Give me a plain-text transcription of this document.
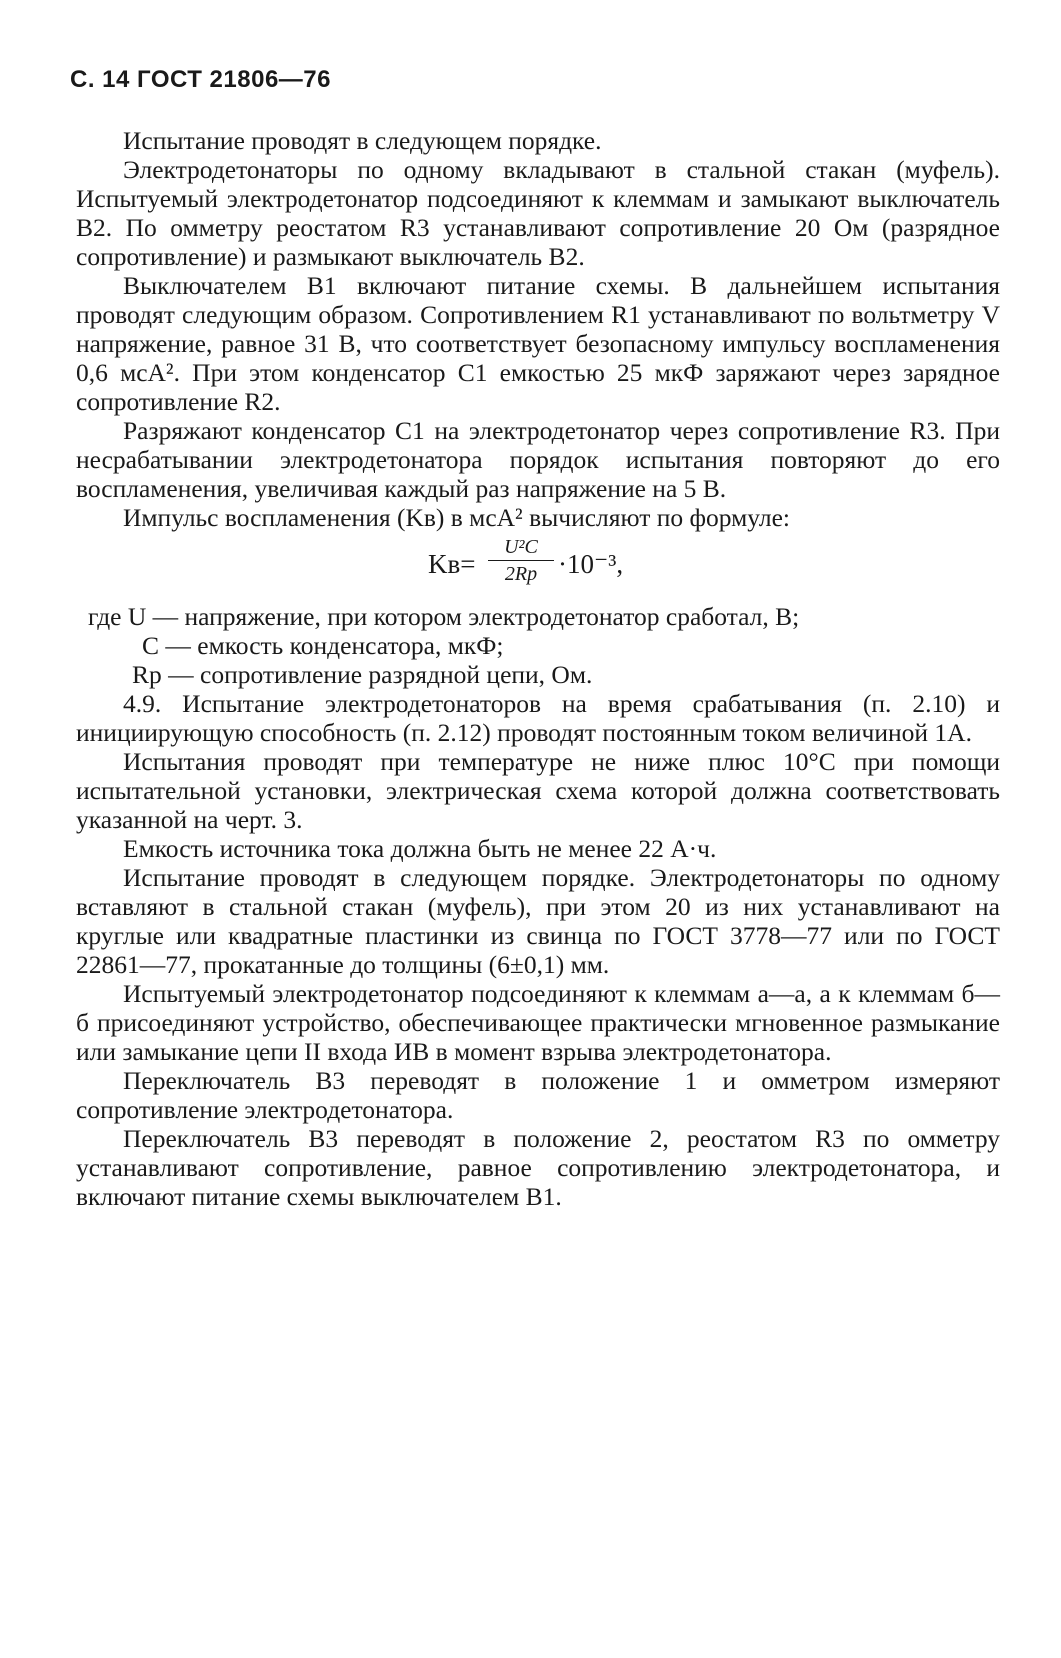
С. 14 ГОСТ 21806—76

Испытание проводят в следующем порядке.

Электродетонаторы по одному вкладывают в стальной стакан (муфель). Испытуемый электродетонатор подсоединяют к клеммам и замыкают выключатель B2. По омметру реостатом R3 устанавливают сопротивление 20 Ом (разрядное сопротивление) и размыкают выключатель B2.

Выключателем B1 включают питание схемы. В дальнейшем испытания проводят следующим образом. Сопротивлением R1 устанавливают по вольтметру V напряжение, равное 31 В, что соответствует безопасному импульсу воспламенения 0,6 мсА². При этом конденсатор C1 емкостью 25 мкФ заряжают через зарядное сопротивление R2.

Разряжают конденсатор C1 на электродетонатор через сопротивление R3. При несрабатывании электродетонатора порядок испытания повторяют до его воспламенения, увеличивая каждый раз напряжение на 5 В.

Импульс воспламенения (Kв) в мсА² вычисляют по формуле:

Kв=
U²C
2Rр ·10⁻³,
где U — напряжение, при котором электродетонатор сработал, В;
C — емкость конденсатора, мкФ;
Rр — сопротивление разрядной цепи, Ом.

4.9. Испытание электродетонаторов на время срабатывания (п. 2.10) и инициирующую способность (п. 2.12) проводят постоянным током величиной 1А.

Испытания проводят при температуре не ниже плюс 10°С при помощи испытательной установки, электрическая схема которой должна соответствовать указанной на черт. 3.

Емкость источника тока должна быть не менее 22 А·ч.

Испытание проводят в следующем порядке. Электродетонаторы по одному вставляют в стальной стакан (муфель), при этом 20 из них устанавливают на круглые или квадратные пластинки из свинца по ГОСТ 3778—77 или по ГОСТ 22861—77, прокатанные до толщины (6±0,1) мм.

Испытуемый электродетонатор подсоединяют к клеммам а—а, а к клеммам б—б присоединяют устройство, обеспечивающее практически мгновенное размыкание или замыкание цепи II входа ИВ в момент взрыва электродетонатора.

Переключатель B3 переводят в положение 1 и омметром измеряют сопротивление электродетонатора.

Переключатель B3 переводят в положение 2, реостатом R3 по омметру устанавливают сопротивление, равное сопротивлению электродетонатора, и включают питание схемы выключателем B1.
